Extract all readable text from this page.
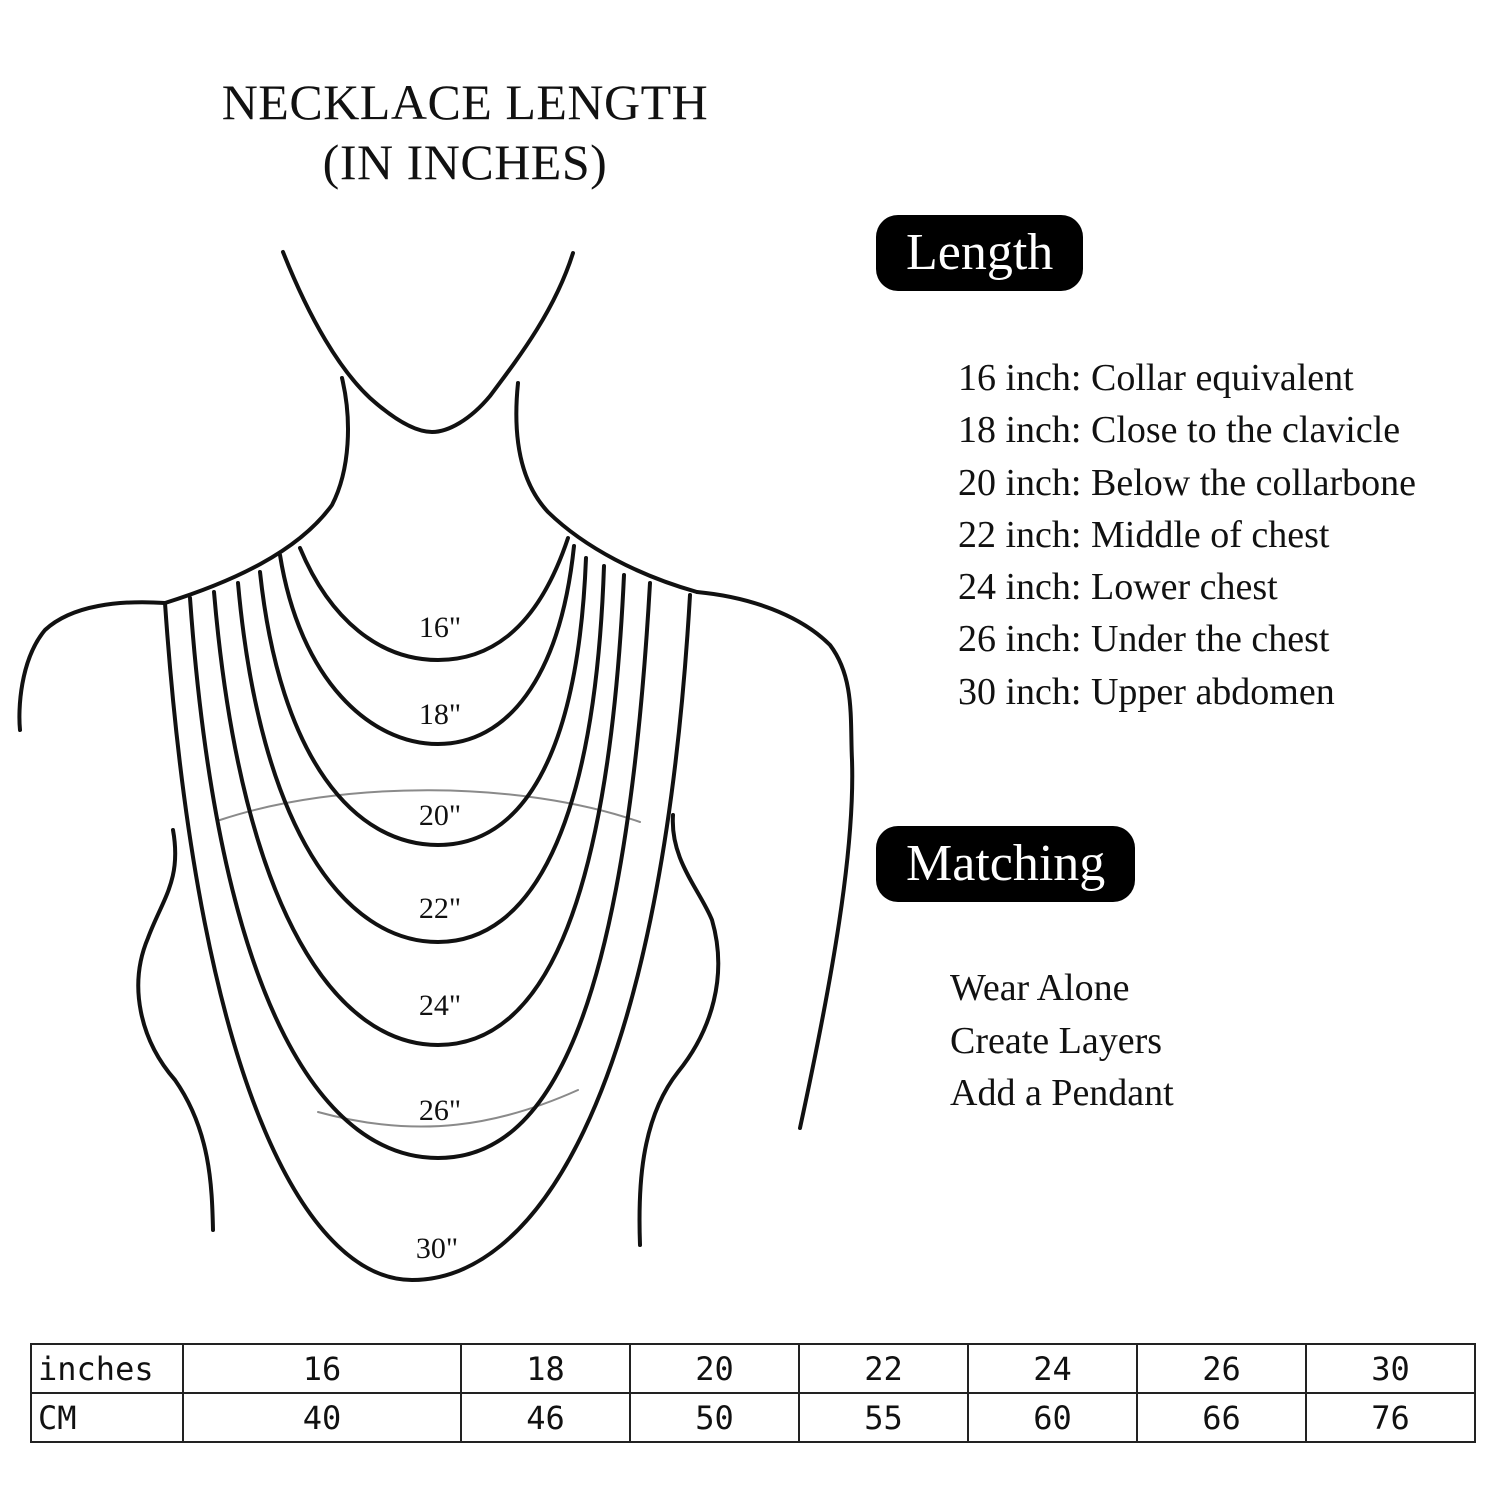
NECKLACE LENGTH
(IN INCHES)
16"
18"
20"
22"
24"
26"
30"
Length
16 inch: Collar equivalent
18 inch: Close to the clavicle
20 inch: Below the collarbone
22 inch: Middle of chest
24 inch: Lower chest
26 inch: Under the chest
30 inch: Upper abdomen
Matching
Wear Alone
Create Layers
Add a Pendant
inches	16	18	20	22	24	26	30
CM	40	46	50	55	60	66	76
